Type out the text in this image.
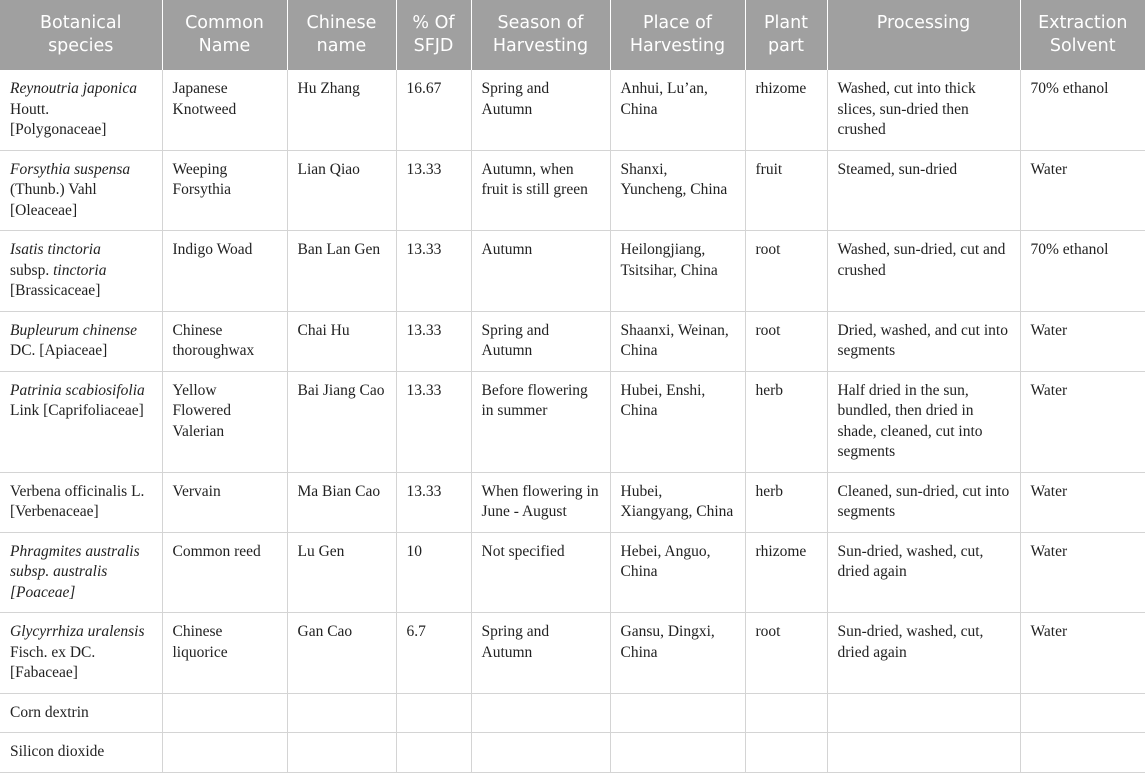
Botanical species	Common Name	Chinese name	% Of SFJD	Season of Harvesting	Place of Harvesting	Plant part	Processing	Extraction Solvent
Reynoutria japonica Houtt.
[Polygonaceae]	Japanese Knotweed	Hu Zhang	16.67	Spring and Autumn	Anhui, Lu’an, China	rhizome	Washed, cut into thick slices, sun-dried then crushed	70% ethanol
Forsythia suspensa
(Thunb.) Vahl
[Oleaceae]	Weeping Forsythia	Lian Qiao	13.33	Autumn, when fruit is still green	Shanxi, Yuncheng, China	fruit	Steamed, sun-dried	Water
Isatis tinctoria
subsp. tinctoria
[Brassicaceae]	Indigo Woad	Ban Lan Gen	13.33	Autumn	Heilongjiang, Tsitsihar, China	root	Washed, sun-dried, cut and crushed	70% ethanol
Bupleurum chinense
DC. [Apiaceae]	Chinese thoroughwax	Chai Hu	13.33	Spring and Autumn	Shaanxi, Weinan, China	root	Dried, washed, and cut into segments	Water
Patrinia scabiosifolia
Link [Caprifoliaceae]	Yellow Flowered Valerian	Bai Jiang Cao	13.33	Before flowering in summer	Hubei, Enshi, China	herb	Half dried in the sun, bundled, then dried in shade, cleaned, cut into segments	Water
Verbena officinalis L.
[Verbenaceae]	Vervain	Ma Bian Cao	13.33	When flowering in June - August	Hubei, Xiangyang, China	herb	Cleaned, sun-dried, cut into segments	Water
Phragmites australis subsp. australis [Poaceae]	Common reed	Lu Gen	10	Not specified	Hebei, Anguo, China	rhizome	Sun-dried, washed, cut, dried again	Water
Glycyrrhiza uralensis
Fisch. ex DC.
[Fabaceae]	Chinese liquorice	Gan Cao	6.7	Spring and Autumn	Gansu, Dingxi, China	root	Sun-dried, washed, cut, dried again	Water
Corn dextrin								
Silicon dioxide								
